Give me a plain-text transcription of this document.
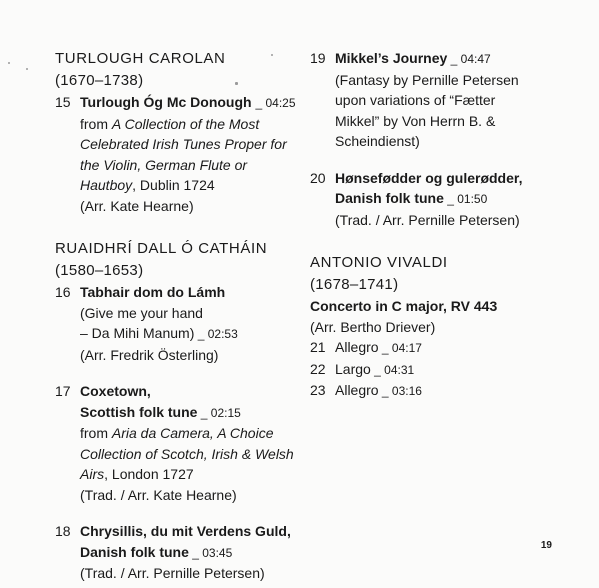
TURLOUGH CAROLAN

(1670–1738)

15 Turlough Óg Mc Donough _ 04:25
from A Collection of the Most
Celebrated Irish Tunes Proper for
the Violin, German Flute or
Hautboy, Dublin 1724
(Arr. Kate Hearne)

RUAIDHRÍ DALL Ó CATHÁIN

(1580–1653)

16 Tabhair dom do Lámh
(Give me your hand
– Da Mihi Manum) _ 02:53
(Arr. Fredrik Österling)
17 Coxetown,
Scottish folk tune _ 02:15
from Aria da Camera, A Choice
Collection of Scotch, Irish & Welsh
Airs, London 1727
(Trad. / Arr. Kate Hearne)
18 Chrysillis, du mit Verdens Guld,
Danish folk tune _ 03:45
(Trad. / Arr. Pernille Petersen)
19 Mikkel’s Journey _ 04:47
(Fantasy by Pernille Petersen
upon variations of “Fætter
Mikkel” by Von Herrn B. &
Scheindienst)
20 Hønsefødder og gulerødder,
Danish folk tune _ 01:50
(Trad. / Arr. Pernille Petersen)

ANTONIO VIVALDI

(1678–1741)

Concerto in C major, RV 443
(Arr. Bertho Driever)
21 Allegro _ 04:17
22 Largo _ 04:31
23 Allegro _ 03:16
19
